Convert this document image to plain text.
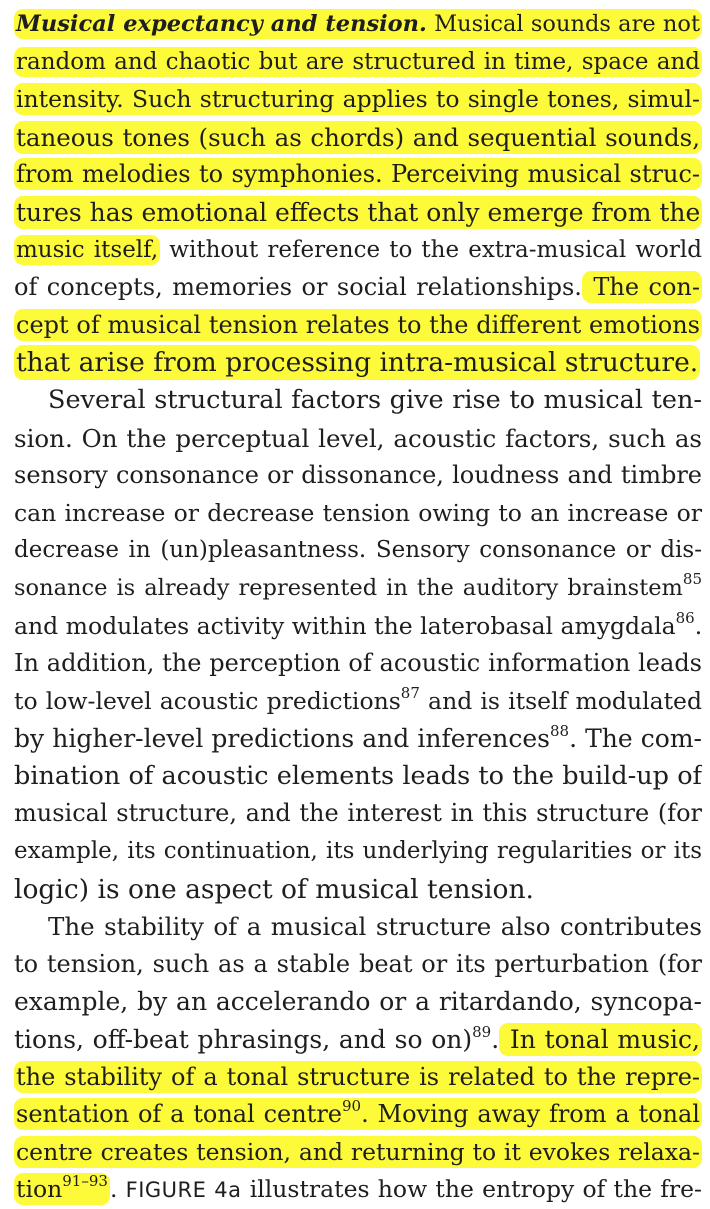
Musical expectancy and tension. Musical sounds are not
random and chaotic but are structured in time, space and
intensity. Such structuring applies to single tones, simul-
taneous tones (such as chords) and sequential sounds,
from melodies to symphonies. Perceiving musical struc-
tures has emotional effects that only emerge from the
music itself, without reference to the extra-musical world
of concepts, memories or social relationships. The con-
cept of musical tension relates to the different emotions
that arise from processing intra-musical structure.
Several structural factors give rise to musical ten-
sion. On the perceptual level, acoustic factors, such as
sensory consonance or dissonance, loudness and timbre
can increase or decrease tension owing to an increase or
decrease in (un)pleasantness. Sensory consonance or dis-
sonance is already represented in the auditory brainstem$^{85}$
and modulates activity within the laterobasal amygdala$^{86}$.
In addition, the perception of acoustic information leads
to low-level acoustic predictions$^{87}$ and is itself modulated
by higher-level predictions and inferences$^{88}$. The com-
bination of acoustic elements leads to the build-up of
musical structure, and the interest in this structure (for
example, its continuation, its underlying regularities or its
logic) is one aspect of musical tension.
The stability of a musical structure also contributes
to tension, such as a stable beat or its perturbation (for
example, by an accelerando or a ritardando, syncopa-
tions, off-beat phrasings, and so on)$^{89}$. In tonal music,
the stability of a tonal structure is related to the repre-
sentation of a tonal centre$^{90}$. Moving away from a tonal
centre creates tension, and returning to it evokes relaxa-
tion$^{91-93}$. FIGURE 4a illustrates how the entropy of the fre-
